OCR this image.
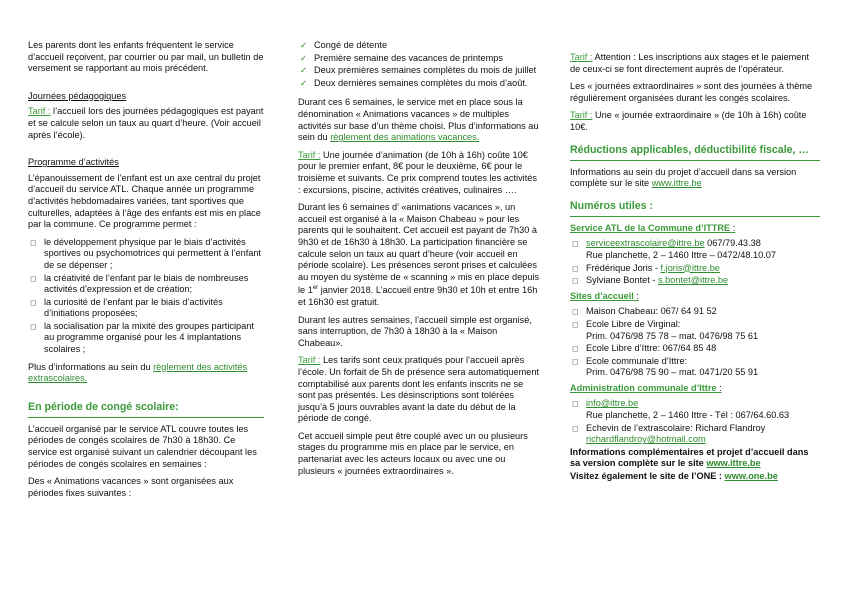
Les parents dont les enfants fréquentent le service d’accueil reçoivent, par courrier ou par mail, un bulletin de versement se rapportant au mois précédent.

Journées pédagogiques

Tarif : l’accueil lors des journées pédagogiques est payant et se calcule selon un taux au quart d’heure. (Voir accueil après l’école).

Programme d’activités

L’épanouissement de l’enfant est un axe central du projet d’accueil du service ATL. Chaque année un programme d’activités hebdomadaires variées, tant sportives que culturelles, adaptées à l’âge des enfants est mis en place par la commune. Ce programme permet :

◻ le développement physique par le biais d’activités sportives ou psychomotrices qui permettent à l’enfant de se dépenser ;
◻ la créativité de l’enfant par le biais de nombreuses activités d’expression et de création;
◻ la curiosité de l’enfant par le biais d’activités d’initiations proposées;
◻ la socialisation par la mixité des groupes participant au programme organisé pour les 4 implantations scolaires ;

Plus d’informations au sein du règlement des activités extrascolaires.

En période de congé scolaire:

L’accueil organisé par le service ATL couvre toutes les périodes de congés scolaires de 7h30 à 18h30. Ce service est organisé suivant un calendrier découpant les périodes de congés scolaires en semaines :

Des « Animations vacances » sont organisées aux périodes fixes suivantes :

✓ Congé de détente
✓ Première semaine des vacances de printemps
✓ Deux premières semaines complètes du mois de juillet
✓ Deux dernières semaines complètes du mois d’août.

Durant ces 6 semaines, le service met en place sous la dénomination « Animations vacances » de multiples activités sur base d’un thème choisi. Plus d’informations au sein du règlement des animations vacances.

Tarif : Une journée d’animation (de 10h à 16h) coûte 10€ pour le premier enfant, 8€ pour le deuxième, 6€ pour le troisième et suivants. Ce prix comprend toutes les activités : excursions, piscine, activités créatives, culinaires ….

Durant les 6 semaines d’ «animations vacances », un accueil est organisé à la « Maison Chabeau » pour les parents qui le souhaitent. Cet accueil est payant de 7h30 à 9h30 et de 16h30 à 18h30. La participation financière se calcule selon un taux au quart d’heure (voir accueil en période scolaire). Les présences seront prises et calculées au moyen du système de « scanning » mis en place depuis le 1er janvier 2018. L’accueil entre 9h30 et 10h et entre 16h et 16h30 est gratuit.

Durant les autres semaines, l’accueil simple est organisé, sans interruption, de 7h30 à 18h30 à la « Maison Chabeau».

Tarif : Les tarifs sont ceux pratiqués pour l’accueil après l’école. Un forfait de 5h de présence sera automatiquement comptabilisé aux parents dont les enfants inscrits ne se sont pas présentés. Les désinscriptions sont tolérées jusqu’à 5 jours ouvrables avant la date du début de la période de congé.

Cet accueil simple peut être couplé avec un ou plusieurs stages du programme mis en place par le service, en partenariat avec les acteurs locaux ou avec une ou plusieurs « journées extraordinaires ».

Tarif : Attention : Les inscriptions aux stages et le paiement de ceux-ci se font directement auprès de l’opérateur.

Les « journées extraordinaires » sont des journées à thème régulièrement organisées durant les congés scolaires.

Tarif : Une « journée extraordinaire » (de 10h à 16h) coûte 10€.

Réductions applicables, déductibilité fiscale, …

Informations au sein du projet d’accueil dans sa version complète sur le site www.ittre.be

Numéros utiles :

Service ATL de la Commune d’ITTRE :

◻ serviceextrascolaire@ittre.be 067/79.43.38
Rue planchette, 2 – 1460 Ittre – 0472/48.10.07
◻ Frédérique Joris - f.joris@ittre.be
◻ Sylviane Bontet - s.bontet@ittre.be

Sites d’accueil :

◻ Maison Chabeau: 067/ 64 91 52
◻ Ecole Libre de Virginal:
Prim. 0476/98 75 78 – mat. 0476/98 75 61
◻ Ecole Libre d’Ittre: 067/64 85 48
◻ Ecole communale d’Ittre:
Prim. 0476/98 75 90 – mat. 0471/20 55 91

Administration communale d’Ittre :

◻ info@ittre.be
Rue planchette, 2 – 1460 Ittre - Tél : 067/64.60.63
◻ Echevin de l’extrascolaire: Richard Flandroy
richardflandroy@hotmail.com

Informations complémentaires et projet d’accueil dans sa version complète sur le site www.ittre.be

Visitez également le site de l’ONE : www.one.be
